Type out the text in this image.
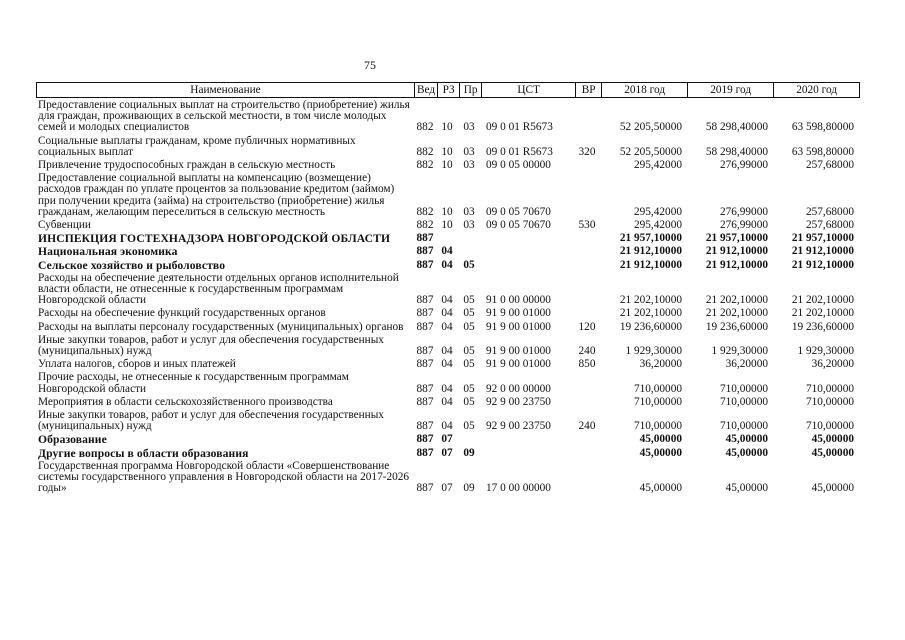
75
Наименование	Вед	РЗ	Пр	ЦСТ	ВР	2018 год	2019 год	2020 год
Предоставление социальных выплат на строительство (приобретение) жилья для граждан, проживающих в сельской местности, в том числе молодых семей и молодых специалистов	882	10	03	09 0 01 R5673		52 205,50000	58 298,40000	63 598,80000
Социальные выплаты гражданам, кроме публичных нормативных социальных выплат	882	10	03	09 0 01 R5673	320	52 205,50000	58 298,40000	63 598,80000
Привлечение трудоспособных граждан в сельскую местность	882	10	03	09 0 05 00000		295,42000	276,99000	257,68000
Предоставление социальной выплаты на компенсацию (возмещение) расходов граждан по уплате процентов за пользование кредитом (займом) при получении кредита (займа) на строительство (приобретение) жилья гражданам, желающим переселиться в сельскую местность	882	10	03	09 0 05 70670		295,42000	276,99000	257,68000
Субвенции	882	10	03	09 0 05 70670	530	295,42000	276,99000	257,68000
ИНСПЕКЦИЯ ГОСТЕХНАДЗОРА НОВГОРОДСКОЙ ОБЛАСТИ	887					21 957,10000	21 957,10000	21 957,10000
Национальная экономика	887	04				21 912,10000	21 912,10000	21 912,10000
Сельское хозяйство и рыболовство	887	04	05			21 912,10000	21 912,10000	21 912,10000
Расходы на обеспечение деятельности отдельных органов исполнительной власти области, не отнесенные к государственным программам Новгородской области	887	04	05	91 0 00 00000		21 202,10000	21 202,10000	21 202,10000
Расходы на обеспечение функций государственных органов	887	04	05	91 9 00 01000		21 202,10000	21 202,10000	21 202,10000
Расходы на выплаты персоналу государственных (муниципальных) органов	887	04	05	91 9 00 01000	120	19 236,60000	19 236,60000	19 236,60000
Иные закупки товаров, работ и услуг для обеспечения государственных (муниципальных) нужд	887	04	05	91 9 00 01000	240	1 929,30000	1 929,30000	1 929,30000
Уплата налогов, сборов и иных платежей	887	04	05	91 9 00 01000	850	36,20000	36,20000	36,20000
Прочие расходы, не отнесенные к государственным программам Новгородской области	887	04	05	92 0 00 00000		710,00000	710,00000	710,00000
Мероприятия в области сельскохозяйственного производства	887	04	05	92 9 00 23750		710,00000	710,00000	710,00000
Иные закупки товаров, работ и услуг для обеспечения государственных (муниципальных) нужд	887	04	05	92 9 00 23750	240	710,00000	710,00000	710,00000
Образование	887	07				45,00000	45,00000	45,00000
Другие вопросы в области образования	887	07	09			45,00000	45,00000	45,00000
Государственная программа Новгородской области «Совершенствование системы государственного управления в Новгородской области на 2017-2026 годы»	887	07	09	17 0 00 00000		45,00000	45,00000	45,00000
